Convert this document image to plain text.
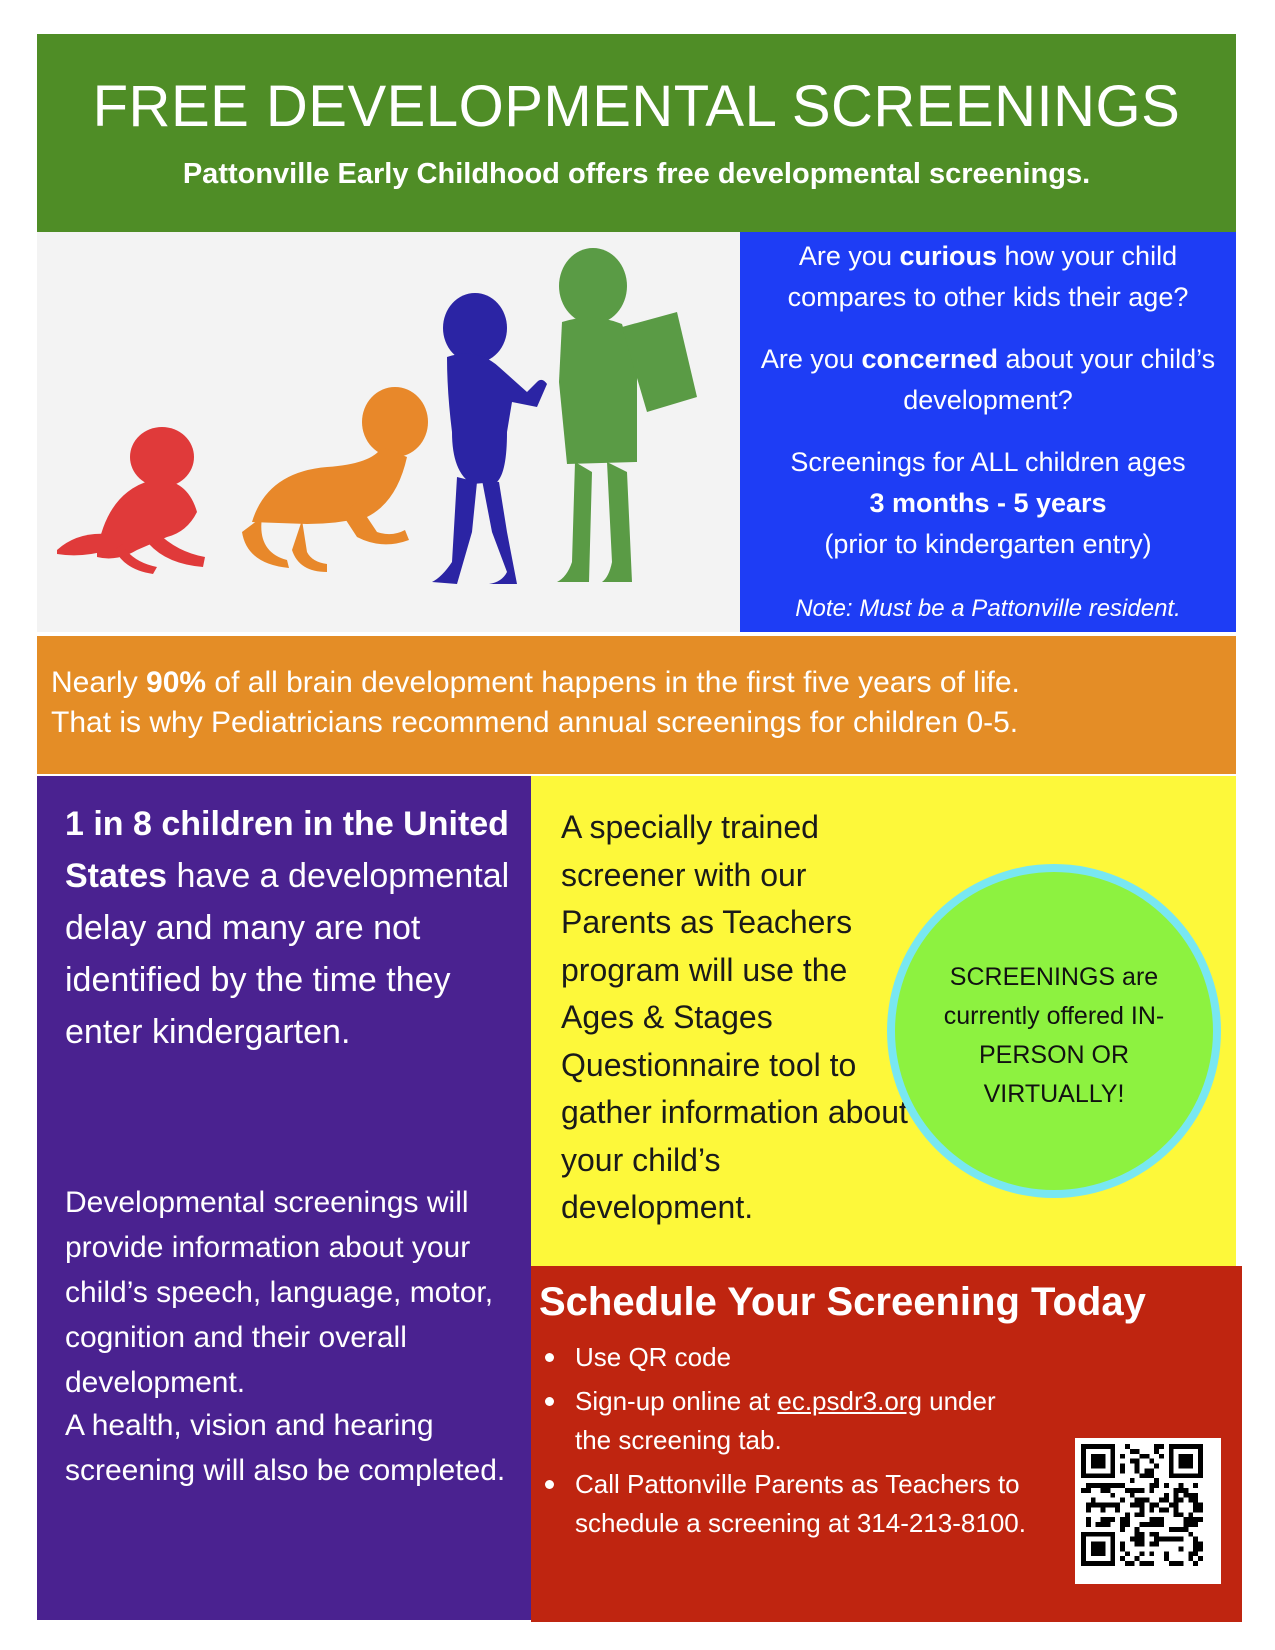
FREE DEVELOPMENTAL SCREENINGS
Pattonville Early Childhood offers free developmental screenings.

Are you curious how your child compares to other kids their age?

Are you concerned about your child’s development?

Screenings for ALL children ages
3 months - 5 years
(prior to kindergarten entry)

Note: Must be a Pattonville resident.

Nearly 90% of all brain development happens in the first five years of life.

That is why Pediatricians recommend annual screenings for children 0-5.

1 in 8 children in the United States have a developmental delay and many are not identified by the time they enter kindergarten.

Developmental screenings will provide information about your child’s speech, language, motor, cognition and their overall development.

A health, vision and hearing screening will also be completed.

A specially trained screener with our Parents as Teachers program will use the Ages & Stages Questionnaire tool to gather information about your child’s development.

SCREENINGS are currently offered IN-PERSON OR VIRTUALLY!
Schedule Your Screening Today
Use QR code
Sign-up online at ec.psdr3.org under the screening tab.
Call Pattonville Parents as Teachers to schedule a screening at 314-213-8100.
